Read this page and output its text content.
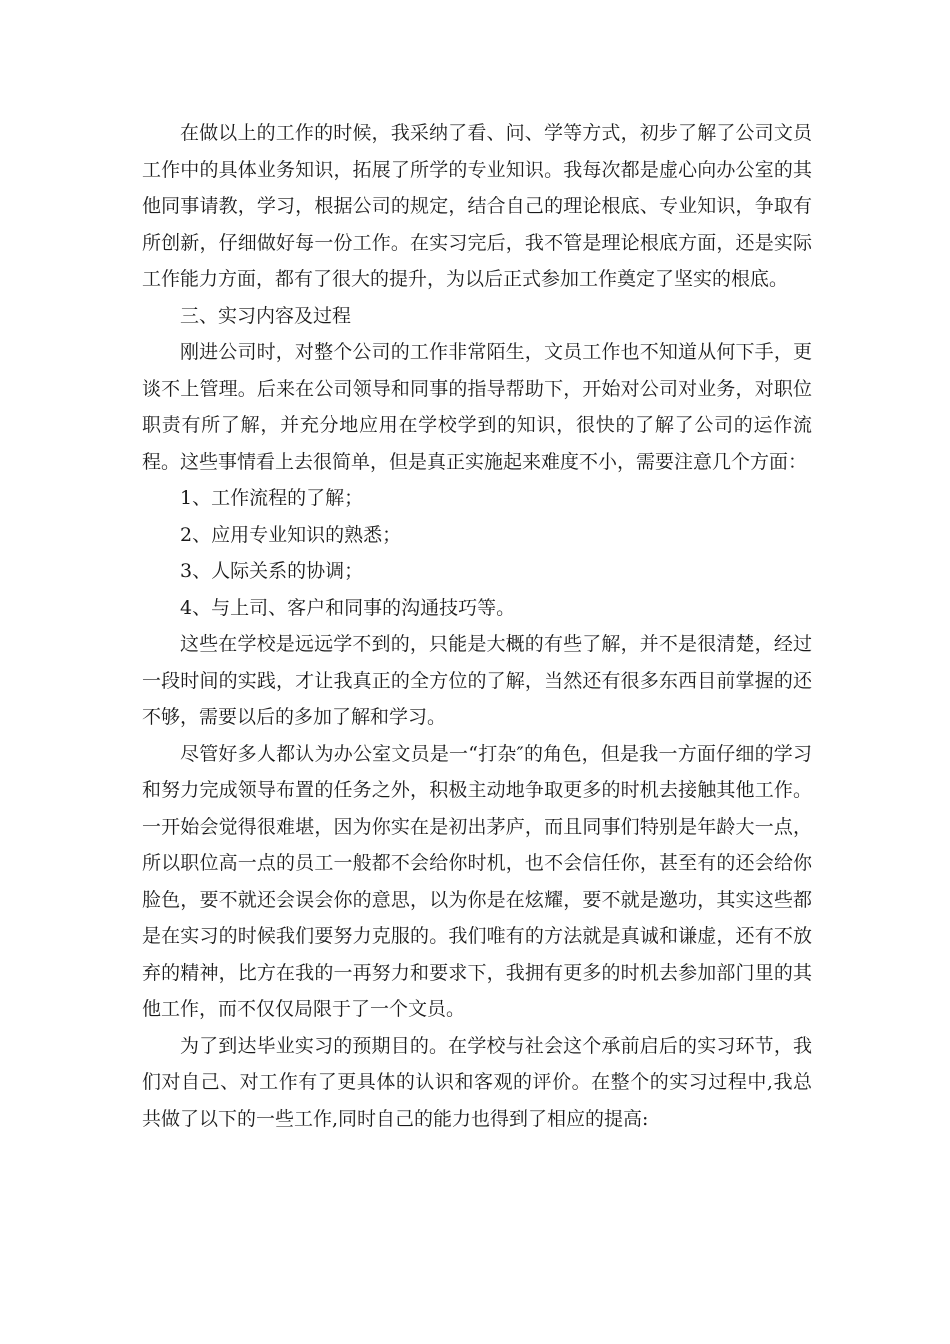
在做以上的工作的时候，我采纳了看、问、学等方式，初步了解了公司文员工作中的具体业务知识，拓展了所学的专业知识。我每次都是虚心向办公室的其他同事请教，学习，根据公司的规定，结合自己的理论根底、专业知识，争取有所创新，仔细做好每一份工作。在实习完后，我不管是理论根底方面，还是实际工作能力方面，都有了很大的提升，为以后正式参加工作奠定了坚实的根底。

三、实习内容及过程

刚进公司时，对整个公司的工作非常陌生，文员工作也不知道从何下手，更谈不上管理。后来在公司领导和同事的指导帮助下，开始对公司对业务，对职位职责有所了解，并充分地应用在学校学到的知识，很快的了解了公司的运作流程。这些事情看上去很简单，但是真正实施起来难度不小，需要注意几个方面：

1、工作流程的了解；

2、应用专业知识的熟悉；

3、人际关系的协调；

4、与上司、客户和同事的沟通技巧等。

这些在学校是远远学不到的，只能是大概的有些了解，并不是很清楚，经过一段时间的实践，才让我真正的全方位的了解，当然还有很多东西目前掌握的还不够，需要以后的多加了解和学习。

尽管好多人都认为办公室文员是一“打杂″的角色，但是我一方面仔细的学习和努力完成领导布置的任务之外，积极主动地争取更多的时机去接触其他工作。一开始会觉得很难堪，因为你实在是初出茅庐，而且同事们特别是年龄大一点，所以职位高一点的员工一般都不会给你时机，也不会信任你，甚至有的还会给你脸色，要不就还会误会你的意思，以为你是在炫耀，要不就是邀功，其实这些都是在实习的时候我们要努力克服的。我们唯有的方法就是真诚和谦虚，还有不放弃的精神，比方在我的一再努力和要求下，我拥有更多的时机去参加部门里的其他工作，而不仅仅局限于了一个文员。

为了到达毕业实习的预期目的。在学校与社会这个承前启后的实习环节，我们对自己、对工作有了更具体的认识和客观的评价。在整个的实习过程中,我总共做了以下的一些工作,同时自己的能力也得到了相应的提高:
